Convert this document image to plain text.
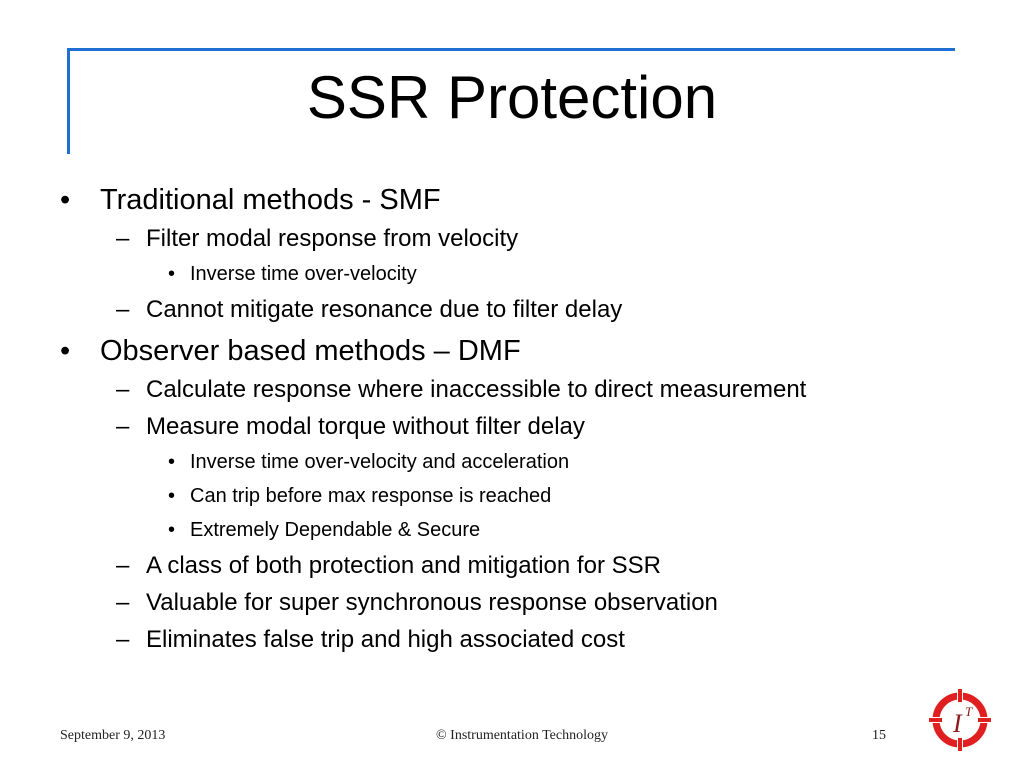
SSR Protection
• Traditional methods - SMF
– Filter modal response from velocity
• Inverse time over-velocity
– Cannot mitigate resonance due to filter delay
• Observer based methods – DMF
– Calculate response where inaccessible to direct measurement
– Measure modal torque without filter delay
• Inverse time over-velocity and acceleration
• Can trip before max response is reached
• Extremely Dependable & Secure
– A class of both protection and mitigation for SSR
– Valuable for super synchronous response observation
– Eliminates false trip and high associated cost
September 9, 2013	© Instrumentation Technology	15	I T
